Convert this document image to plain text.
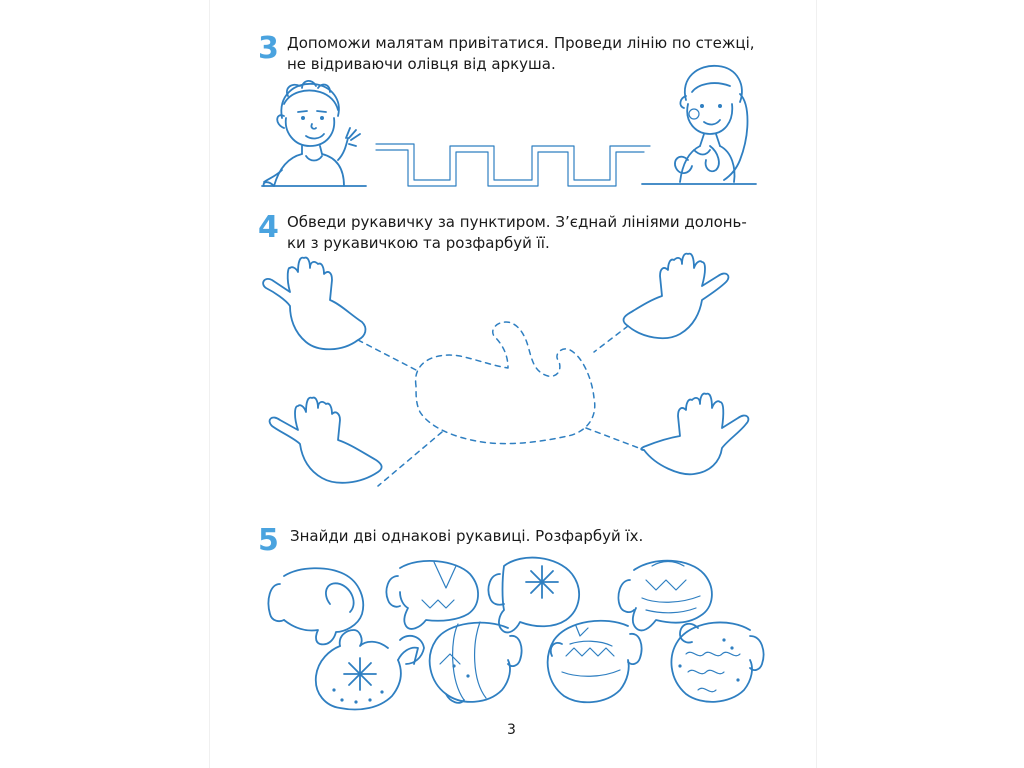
3 Допоможи малятам привітатися. Проведи лінію по стежці,
не відриваючи олівця від аркуша.
4 Обведи рукавичку за пунктиром. З’єднай лініями долонь-
ки з рукавичкою та розфарбуй її.
5 Знайди дві однакові рукавиці. Розфарбуй їх.
3
